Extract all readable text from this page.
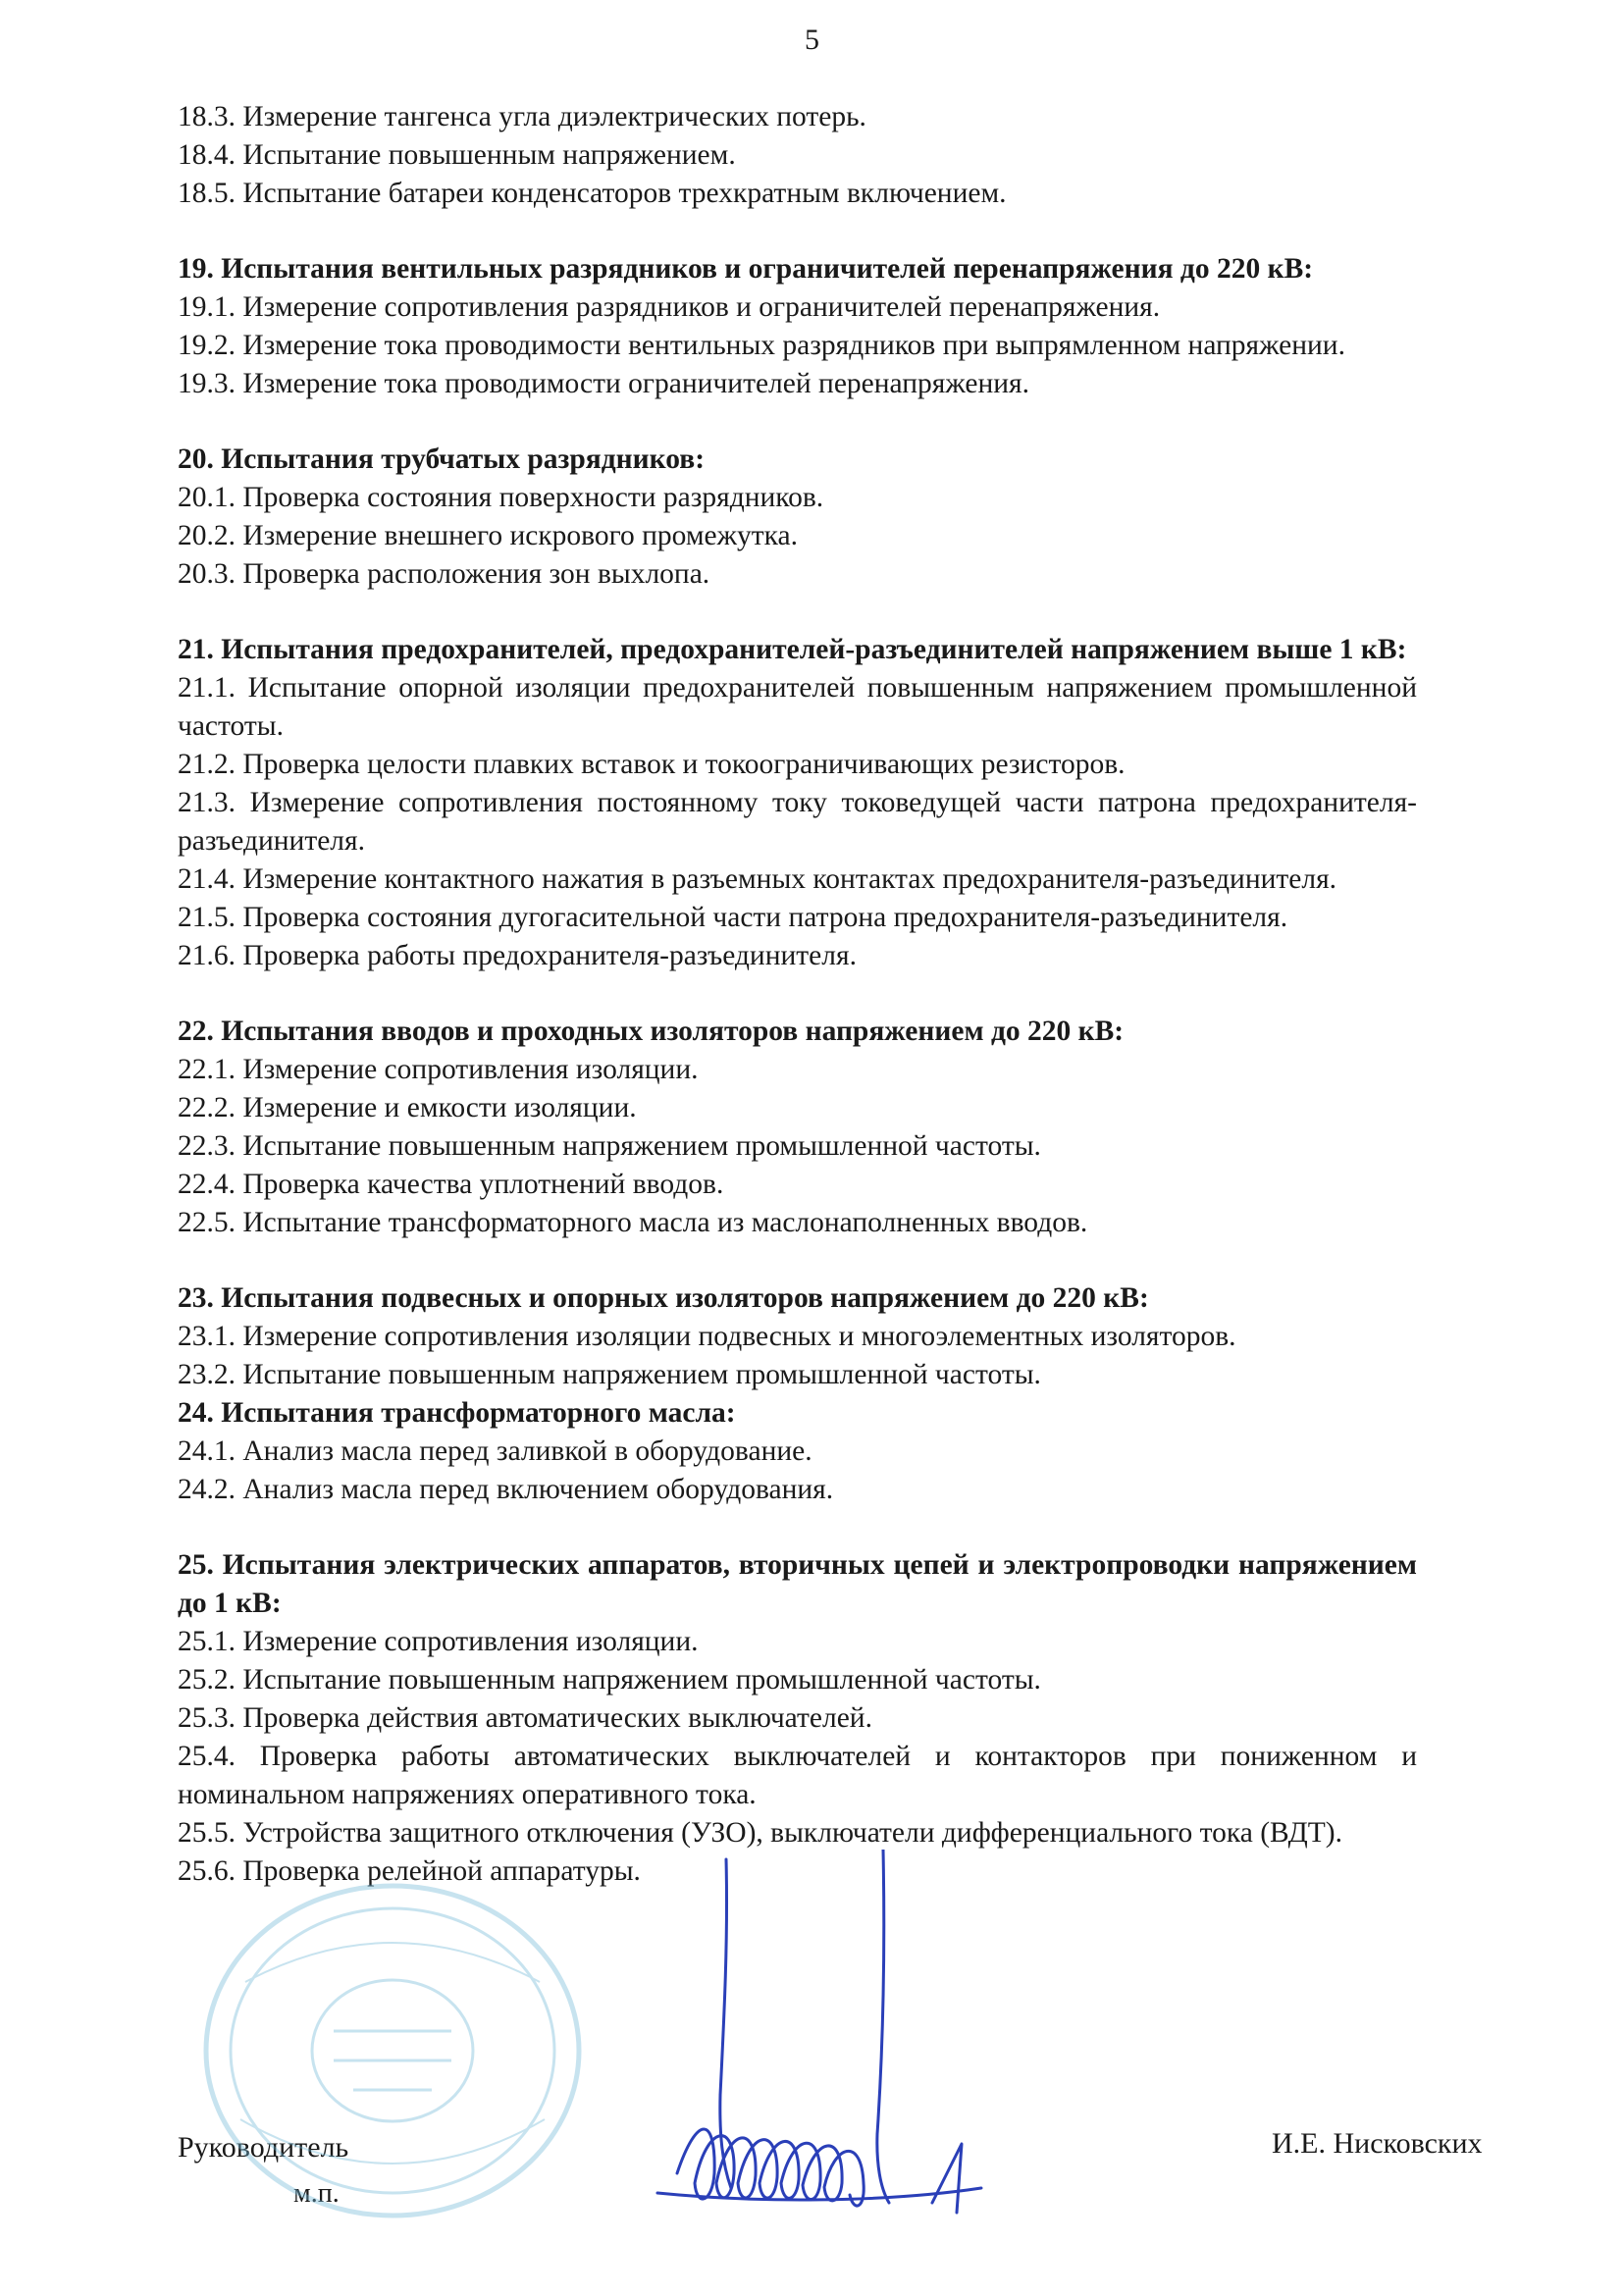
5
18.3. Измерение тангенса угла диэлектрических потерь.
18.4. Испытание повышенным напряжением.
18.5. Испытание батареи конденсаторов трехкратным включением.
19. Испытания вентильных разрядников и ограничителей перенапряжения до 220 кВ:
19.1. Измерение сопротивления разрядников и ограничителей перенапряжения.
19.2. Измерение тока проводимости вентильных разрядников при выпрямленном напряжении.
19.3. Измерение тока проводимости ограничителей перенапряжения.
20. Испытания трубчатых разрядников:
20.1. Проверка состояния поверхности разрядников.
20.2. Измерение внешнего искрового промежутка.
20.3. Проверка расположения зон выхлопа.
21. Испытания предохранителей, предохранителей-разъединителей напряжением выше 1 кВ:
21.1. Испытание опорной изоляции предохранителей повышенным напряжением промышленной частоты.
21.2. Проверка целости плавких вставок и токоограничивающих резисторов.
21.3. Измерение сопротивления постоянному току токоведущей части патрона предохранителя-разъединителя.
21.4. Измерение контактного нажатия в разъемных контактах предохранителя-разъединителя.
21.5. Проверка состояния дугогасительной части патрона предохранителя-разъединителя.
21.6. Проверка работы предохранителя-разъединителя.
22. Испытания вводов и проходных изоляторов напряжением до 220 кВ:
22.1. Измерение сопротивления изоляции.
22.2. Измерение и емкости изоляции.
22.3. Испытание повышенным напряжением промышленной частоты.
22.4. Проверка качества уплотнений вводов.
22.5. Испытание трансформаторного масла из маслонаполненных вводов.
23. Испытания подвесных и опорных изоляторов напряжением до 220 кВ:
23.1. Измерение сопротивления изоляции подвесных и многоэлементных изоляторов.
23.2. Испытание повышенным напряжением промышленной частоты.
24. Испытания трансформаторного масла:
24.1. Анализ масла перед заливкой в оборудование.
24.2. Анализ масла перед включением оборудования.
25. Испытания электрических аппаратов, вторичных цепей и электропроводки напряжением до 1 кВ:
25.1. Измерение сопротивления изоляции.
25.2. Испытание повышенным напряжением промышленной частоты.
25.3. Проверка действия автоматических выключателей.
25.4. Проверка работы автоматических выключателей и контакторов при пониженном и номинальном напряжениях оперативного тока.
25.5. Устройства защитного отключения (УЗО), выключатели дифференциального тока (ВДТ).
25.6. Проверка релейной аппаратуры.
Руководитель
м.п.
И.Е. Нисковских
